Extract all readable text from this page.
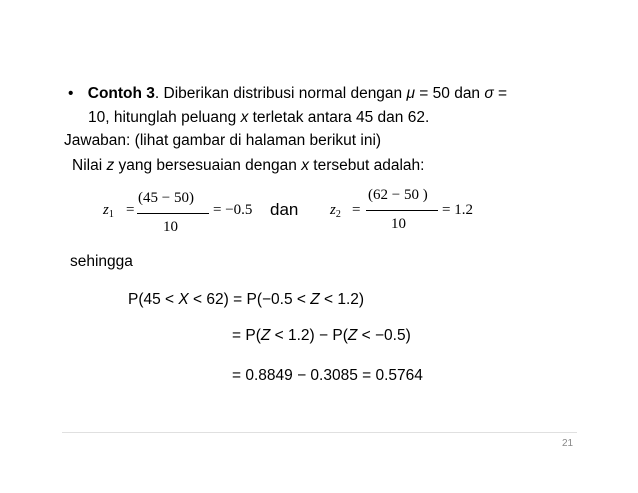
• Contoh 3. Diberikan distribusi normal dengan μ = 50 dan σ =
10, hitunglah peluang x terletak antara 45 dan 62.
Jawaban: (lihat gambar di halaman berikut ini)
Nilai z yang bersesuaian dengan x tersebut adalah:
$z_1$ =
(45 − 50)
10
= −0.5 dan $z_2$ =
(62 − 50 )
10
= 1.2
sehingga
P(45 < X < 62) = P(−0.5 < Z < 1.2)
= P(Z < 1.2) − P(Z < −0.5)
= 0.8849 − 0.3085 = 0.5764
21
